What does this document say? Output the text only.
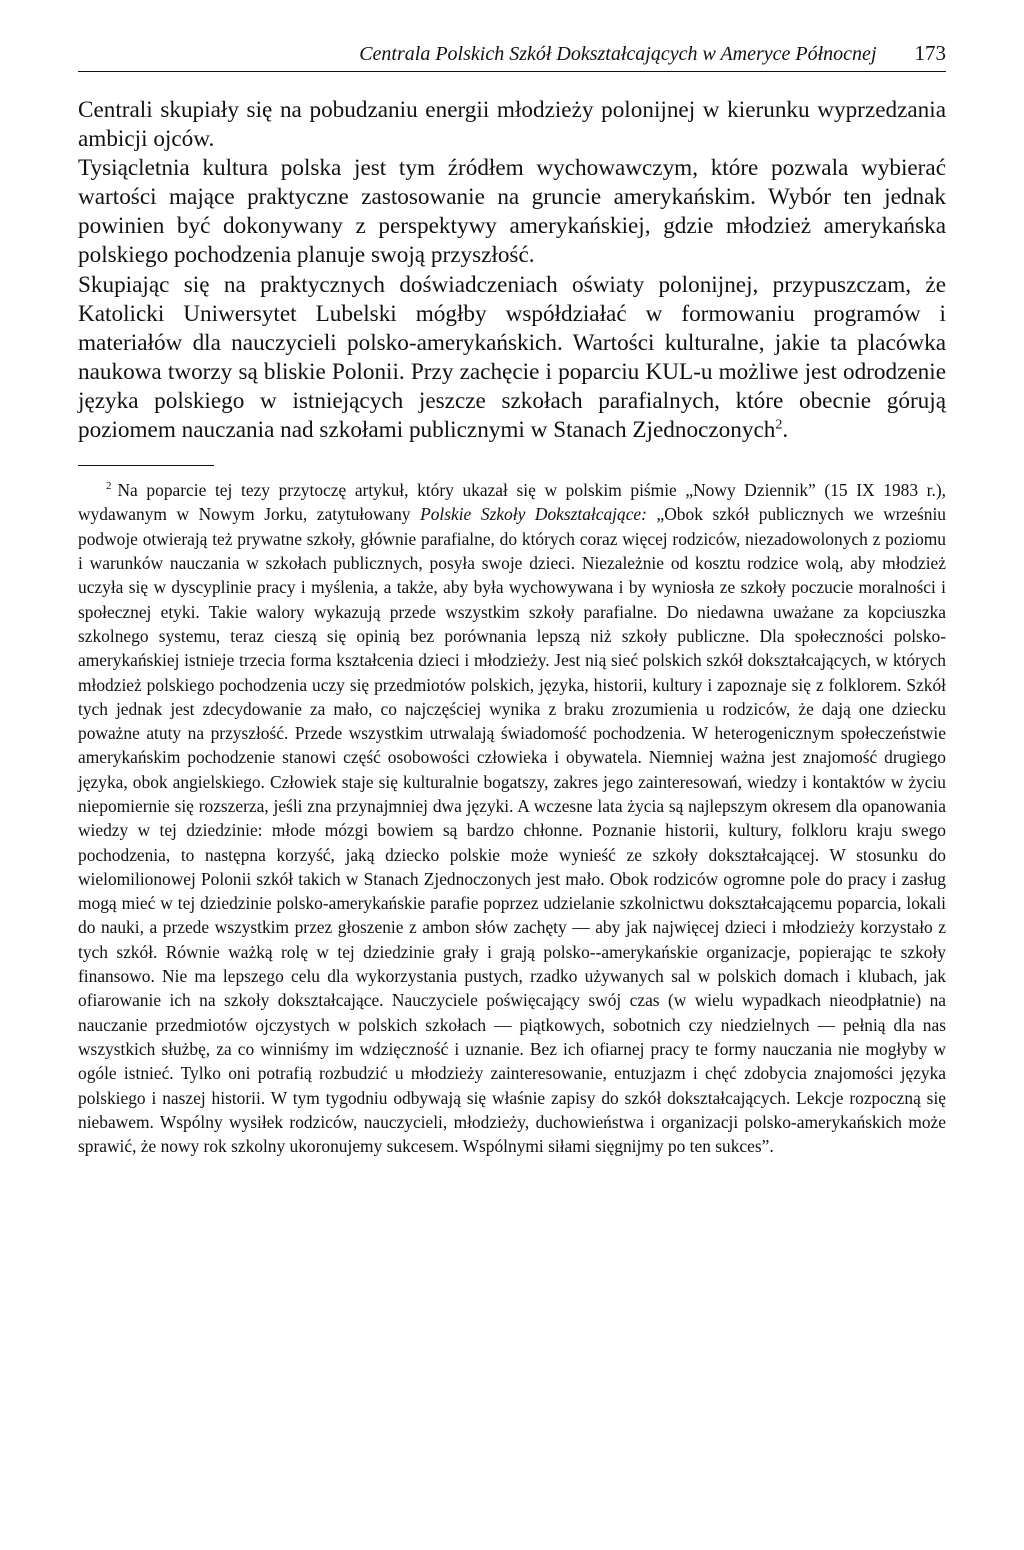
Centrala Polskich Szkół Dokształcających w Ameryce Północnej 173

Centrali skupiały się na pobudzaniu energii młodzieży polonijnej w kierunku wyprzedzania ambicji ojców.

Tysiącletnia kultura polska jest tym źródłem wychowawczym, które pozwala wybierać wartości mające praktyczne zastosowanie na gruncie amerykańskim. Wybór ten jednak powinien być dokonywany z perspektywy amerykańskiej, gdzie młodzież amerykańska polskiego pochodzenia planuje swoją przyszłość.

Skupiając się na praktycznych doświadczeniach oświaty polonijnej, przypuszczam, że Katolicki Uniwersytet Lubelski mógłby współdziałać w formowaniu programów i materiałów dla nauczycieli polsko-amerykańskich. Wartości kulturalne, jakie ta placówka naukowa tworzy są bliskie Polonii. Przy zachęcie i poparciu KUL-u możliwe jest odrodzenie języka polskiego w istniejących jeszcze szkołach parafialnych, które obecnie górują poziomem nauczania nad szkołami publicznymi w Stanach Zjednoczonych$^2$.

$^2$ Na poparcie tej tezy przytoczę artykuł, który ukazał się w polskim piśmie „Nowy Dziennik” (15 IX 1983 r.), wydawanym w Nowym Jorku, zatytułowany Polskie Szkoły Dokształcające: „Obok szkół publicznych we wrześniu podwoje otwierają też prywatne szkoły, głównie parafialne, do których coraz więcej rodziców, niezadowolonych z poziomu i warunków nauczania w szkołach publicznych, posyła swoje dzieci. Niezależnie od kosztu rodzice wolą, aby młodzież uczyła się w dyscyplinie pracy i myślenia, a także, aby była wychowywana i by wyniosła ze szkoły poczucie moralności i społecznej etyki. Takie walory wykazują przede wszystkim szkoły parafialne. Do niedawna uważane za kopciuszka szkolnego systemu, teraz cieszą się opinią bez porównania lepszą niż szkoły publiczne. Dla społeczności polsko-amerykańskiej istnieje trzecia forma kształcenia dzieci i młodzieży. Jest nią sieć polskich szkół dokształcających, w których młodzież polskiego pochodzenia uczy się przedmiotów polskich, języka, historii, kultury i zapoznaje się z folklorem. Szkół tych jednak jest zdecydowanie za mało, co najczęściej wynika z braku zrozumienia u rodziców, że dają one dziecku poważne atuty na przyszłość. Przede wszystkim utrwalają świadomość pochodzenia. W heterogenicznym społeczeństwie amerykańskim pochodzenie stanowi część osobowości człowieka i obywatela. Niemniej ważna jest znajomość drugiego języka, obok angielskiego. Człowiek staje się kulturalnie bogatszy, zakres jego zainteresowań, wiedzy i kontaktów w życiu niepomiernie się rozszerza, jeśli zna przynajmniej dwa języki. A wczesne lata życia są najlepszym okresem dla opanowania wiedzy w tej dziedzinie: młode mózgi bowiem są bardzo chłonne. Poznanie historii, kultury, folkloru kraju swego pochodzenia, to następna korzyść, jaką dziecko polskie może wynieść ze szkoły dokształcającej. W stosunku do wielomilionowej Polonii szkół takich w Stanach Zjednoczonych jest mało. Obok rodziców ogromne pole do pracy i zasług mogą mieć w tej dziedzinie polsko-amerykańskie parafie poprzez udzielanie szkolnictwu dokształcającemu poparcia, lokali do nauki, a przede wszystkim przez głoszenie z ambon słów zachęty — aby jak najwięcej dzieci i młodzieży korzystało z tych szkół. Równie ważką rolę w tej dziedzinie grały i grają polsko--amerykańskie organizacje, popierając te szkoły finansowo. Nie ma lepszego celu dla wykorzystania pustych, rzadko używanych sal w polskich domach i klubach, jak ofiarowanie ich na szkoły dokształcające. Nauczyciele poświęcający swój czas (w wielu wypadkach nieodpłatnie) na nauczanie przedmiotów ojczystych w polskich szkołach — piątkowych, sobotnich czy niedzielnych — pełnią dla nas wszystkich służbę, za co winniśmy im wdzięczność i uznanie. Bez ich ofiarnej pracy te formy nauczania nie mogłyby w ogóle istnieć. Tylko oni potrafią rozbudzić u młodzieży zainteresowanie, entuzjazm i chęć zdobycia znajomości języka polskiego i naszej historii. W tym tygodniu odbywają się właśnie zapisy do szkół dokształcających. Lekcje rozpoczną się niebawem. Wspólny wysiłek rodziców, nauczycieli, młodzieży, duchowieństwa i organizacji polsko-amerykańskich może sprawić, że nowy rok szkolny ukoronujemy sukcesem. Wspólnymi siłami sięgnijmy po ten sukces”.
